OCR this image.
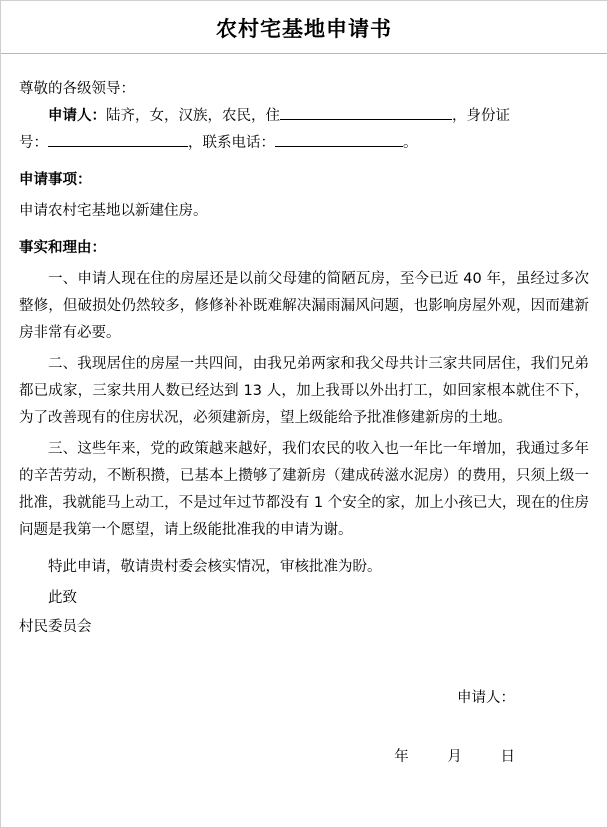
农村宅基地申请书

尊敬的各级领导：

申请人：陆齐，女，汉族，农民，住	，身份证

号：	，联系电话：	。

申请事项：

申请农村宅基地以新建住房。

事实和理由：

一、申请人现在住的房屋还是以前父母建的简陋瓦房，至今已近 40 年，虽经过多次整修，但破损处仍然较多，修修补补既难解决漏雨漏风问题，也影响房屋外观，因而建新房非常有必要。

二、我现居住的房屋一共四间，由我兄弟两家和我父母共计三家共同居住，我们兄弟都已成家，三家共用人数已经达到 13 人，加上我哥以外出打工，如回家根本就住不下，为了改善现有的住房状况，必须建新房，望上级能给予批准修建新房的土地。

三、这些年来，党的政策越来越好，我们农民的收入也一年比一年增加，我通过多年的辛苦劳动，不断积攒，已基本上攒够了建新房（建成砖滋水泥房）的费用，只须上级一批准，我就能马上动工，不是过年过节都没有 1 个安全的家，加上小孩已大，现在的住房问题是我第一个愿望，请上级能批准我的申请为谢。

特此申请，敬请贵村委会核实情况，审核批准为盼。

此致

村民委员会

申请人：

年	月	日
